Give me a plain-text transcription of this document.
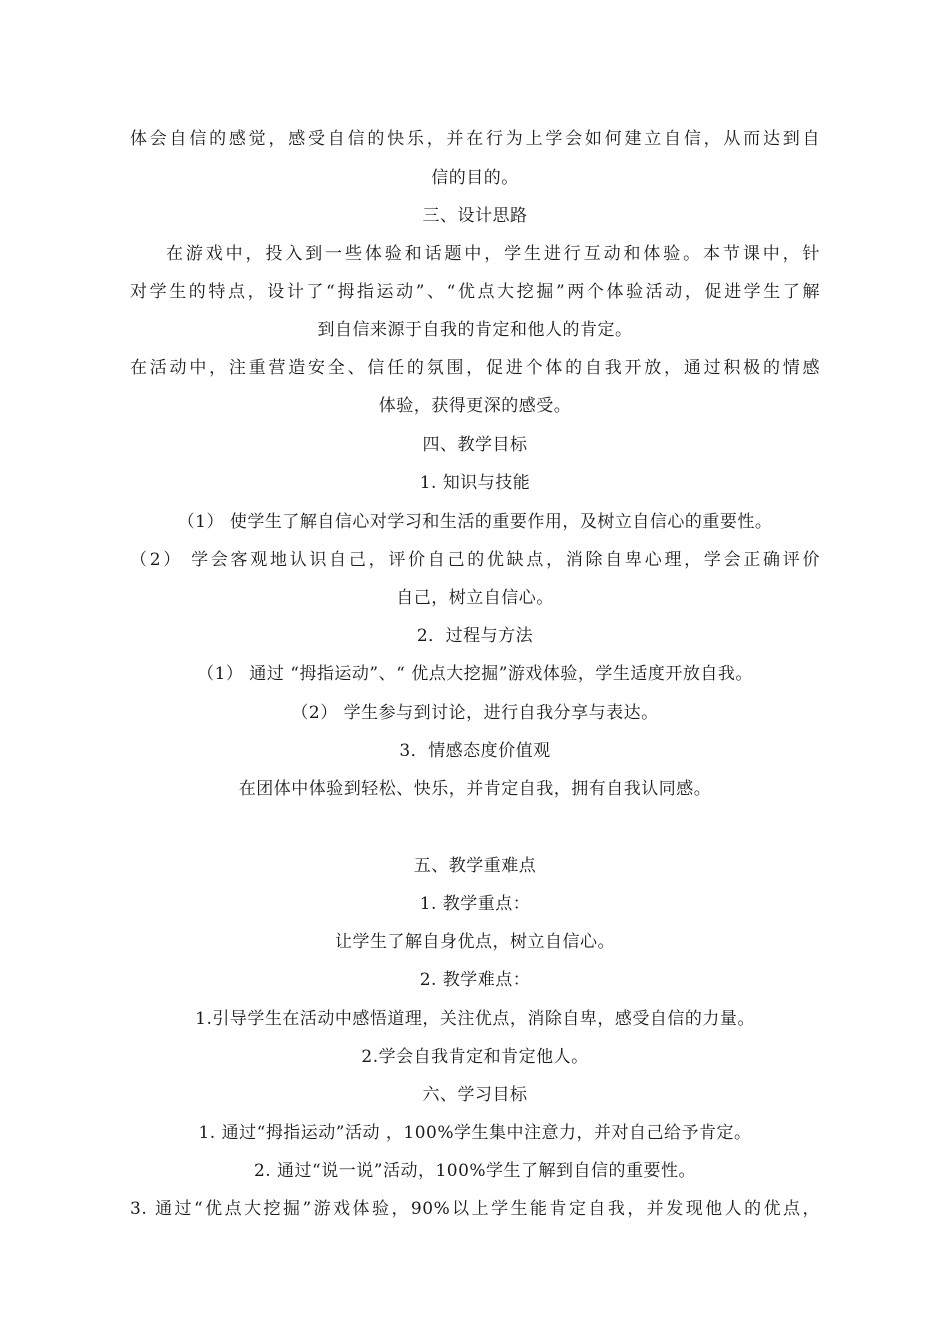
体会自信的感觉，感受自信的快乐，并在行为上学会如何建立自信，从而达到自
信的目的。
三、设计思路
在游戏中，投入到一些体验和话题中，学生进行互动和体验。本节课中，针
对学生的特点，设计了“拇指运动”、“优点大挖掘”两个体验活动，促进学生了解
到自信来源于自我的肯定和他人的肯定。
在活动中，注重营造安全、信任的氛围，促进个体的自我开放，通过积极的情感
体验，获得更深的感受。
四、教学目标
1. 知识与技能
（1） 使学生了解自信心对学习和生活的重要作用，及树立自信心的重要性。
（2） 学会客观地认识自己，评价自己的优缺点，消除自卑心理，学会正确评价
自己，树立自信心。
2．过程与方法
（1） 通过 “拇指运动”、“ 优点大挖掘”游戏体验，学生适度开放自我。
（2） 学生参与到讨论，进行自我分享与表达。
3．情感态度价值观
在团体中体验到轻松、快乐，并肯定自我，拥有自我认同感。
五、教学重难点
1. 教学重点：
让学生了解自身优点，树立自信心。
2. 教学难点：
1.引导学生在活动中感悟道理，关注优点，消除自卑，感受自信的力量。
2.学会自我肯定和肯定他人。
六、学习目标
1. 通过“拇指运动”活动 ，100%学生集中注意力，并对自己给予肯定。
2. 通过“说一说”活动，100%学生了解到自信的重要性。
3. 通过“优点大挖掘”游戏体验，90%以上学生能肯定自我，并发现他人的优点，
